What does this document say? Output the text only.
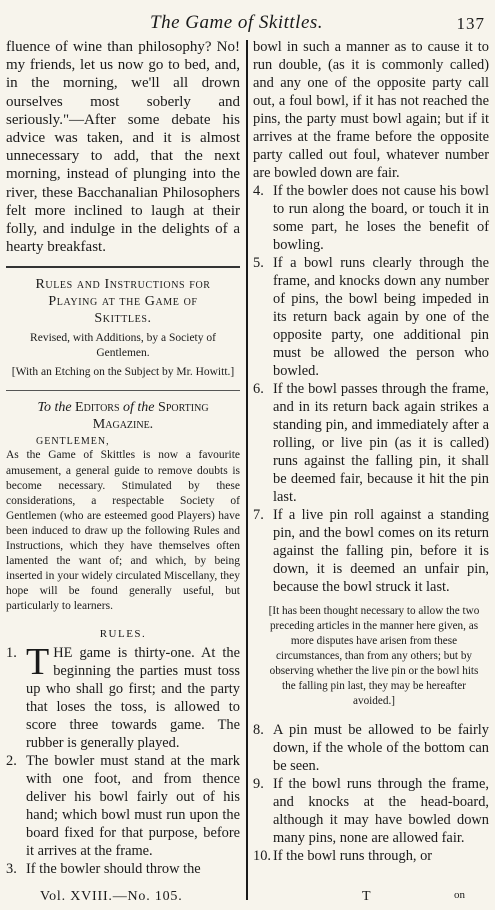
The Game of Skittles.	137

fluence of wine than philosophy? No! my friends, let us now go to bed, and, in the morning, we'll all drown ourselves most soberly and seriously."—After some debate his advice was taken, and it is almost unnecessary to add, that the next morning, instead of plunging into the river, these Bacchanalian Philosophers felt more inclined to laugh at their folly, and indulge in the delights of a hearty breakfast.

Rules and Instructions for
Playing at the Game of
Skittles.
Revised, with Additions, by a Society of Gentlemen.
[With an Etching on the Subject by Mr. Howitt.]
To the Editors of the Sporting
Magazine.
GENTLEMEN,

As the Game of Skittles is now a favourite amusement, a general guide to remove doubts is become necessary. Stimulated by these considerations, a respectable Society of Gentlemen (who are esteemed good Players) have been induced to draw up the following Rules and Instructions, which they have themselves often lamented the want of; and which, by being inserted in your widely circulated Miscellany, they hope will be found generally useful, but particularly to learners.

RULES.
1. THE game is thirty-one. At the beginning the parties must toss up who shall go first; and the party that loses the toss, is allowed to score three towards game. The rubber is generally played.
2. The bowler must stand at the mark with one foot, and from thence deliver his bowl fairly out of his hand; which bowl must run upon the board fixed for that purpose, before it arrives at the frame.
3. If the bowler should throw the

bowl in such a manner as to cause it to run double, (as it is commonly called) and any one of the opposite party call out, a foul bowl, if it has not reached the pins, the party must bowl again; but if it arrives at the frame before the opposite party called out foul, whatever number are bowled down are fair.

4. If the bowler does not cause his bowl to run along the board, or touch it in some part, he loses the benefit of bowling.
5. If a bowl runs clearly through the frame, and knocks down any number of pins, the bowl being impeded in its return back again by one of the opposite party, one additional pin must be allowed the person who bowled.
6. If the bowl passes through the frame, and in its return back again strikes a standing pin, and immediately after a rolling, or live pin (as it is called) runs against the falling pin, it shall be deemed fair, because it hit the pin last.
7. If a live pin roll against a standing pin, and the bowl comes on its return against the falling pin, before it is down, it is deemed an unfair pin, because the bowl struck it last.

[It has been thought necessary to allow the two preceding articles in the manner here given, as more disputes have arisen from these circumstances, than from any others; but by observing whether the live pin or the bowl hits the falling pin last, they may be hereafter avoided.]

8. A pin must be allowed to be fairly down, if the whole of the bottom can be seen.
9. If the bowl runs through the frame, and knocks at the head-board, although it may have bowled down many pins, none are allowed fair.
10. If the bowl runs through, or
Vol. XVIII.—No. 105.	T	on
